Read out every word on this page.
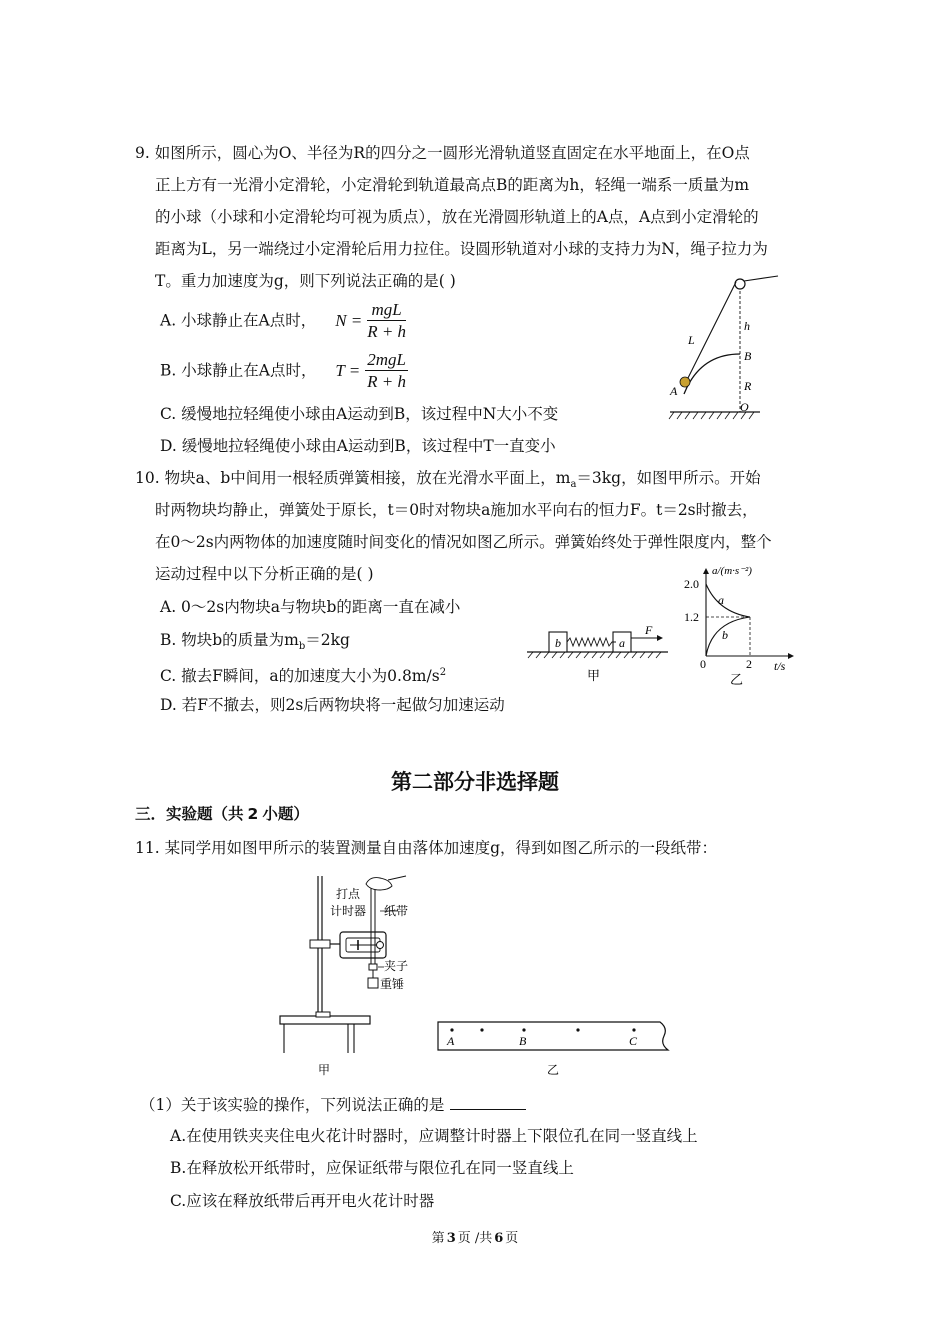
9. 如图所示，圆心为O、半径为R的四分之一圆形光滑轨道竖直固定在水平地面上，在O点
正上方有一光滑小定滑轮，小定滑轮到轨道最高点B的距离为h，轻绳一端系一质量为m
的小球（小球和小定滑轮均可视为质点），放在光滑圆形轨道上的A点，A点到小定滑轮的
距离为L，另一端绕过小定滑轮后用力拉住。设圆形轨道对小球的支持力为N，绳子拉力为
T。重力加速度为g，则下列说法正确的是( )
A. 小球静止在A点时， $N = \frac{\text{mgL}}{R + h}$
B. 小球静止在A点时， $T = \frac{\text{2mgL}}{R + h}$
C. 缓慢地拉轻绳使小球由A运动到B，该过程中N大小不变
D. 缓慢地拉轻绳使小球由A运动到B，该过程中T一直变小
L
h
B
R
A
O
10. 物块a、b中间用一根轻质弹簧相接，放在光滑水平面上，$m_a=3kg$，如图甲所示。开始
时两物块均静止，弹簧处于原长，t＝0时对物块a施加水平向右的恒力F。t＝2s时撤去，
在0～2s内两物体的加速度随时间变化的情况如图乙所示。弹簧始终处于弹性限度内，整个
运动过程中以下分析正确的是( )
A. 0～2s内物块a与物块b的距离一直在减小
B. 物块b的质量为$m_b=2kg$
C. 撤去F瞬间，a的加速度大小为$0.8m/s^2$
D. 若F不撤去，则2s后两物块将一起做匀加速运动
b	a
F
甲
a/(m·s⁻²)
2.0
1.2
a
b
0	2 t/s
乙
第二部分非选择题
三．实验题（共 2 小题）
11. 某同学用如图甲所示的装置测量自由落体加速度g，得到如图乙所示的一段纸带：
打点
计时器 纸带
夹子
重锤
甲
A	B	C
乙
（1）关于该实验的操作，下列说法正确的是
A.在使用铁夹夹住电火花计时器时，应调整计时器上下限位孔在同一竖直线上
B.在释放松开纸带时，应保证纸带与限位孔在同一竖直线上
C.应该在释放纸带后再开电火花计时器
第 3 页 /共 6 页
